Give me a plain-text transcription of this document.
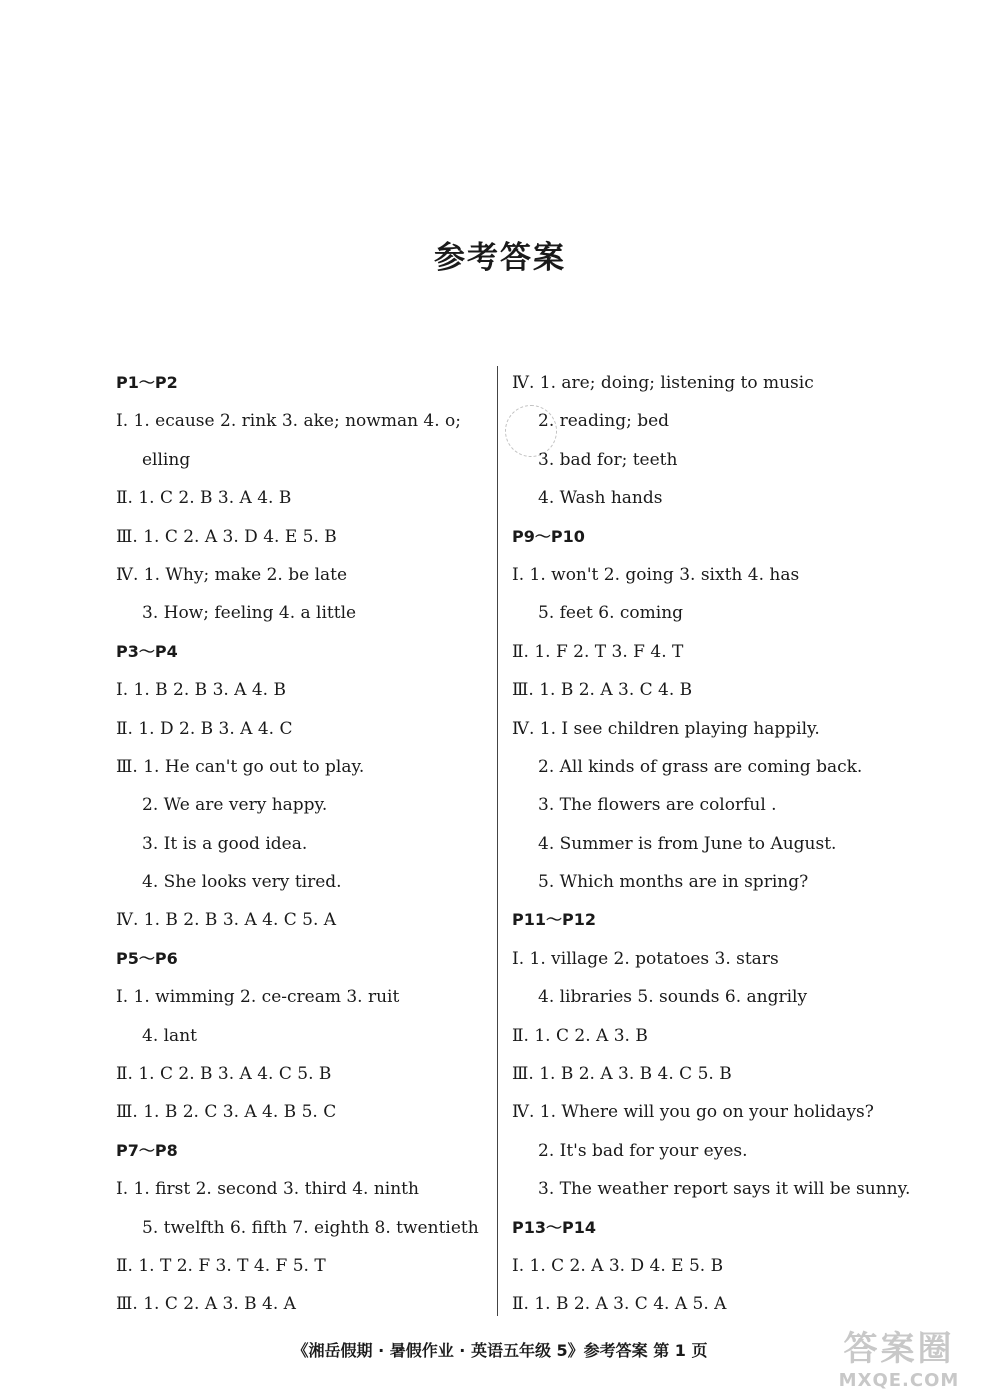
参考答案
P1～P2
Ⅰ. 1. ecause 2. rink 3. ake; nowman 4. o;
elling
Ⅱ. 1. C 2. B 3. A 4. B
Ⅲ. 1. C 2. A 3. D 4. E 5. B
Ⅳ. 1. Why; make 2. be late
3. How; feeling 4. a little
P3～P4
Ⅰ. 1. B 2. B 3. A 4. B
Ⅱ. 1. D 2. B 3. A 4. C
Ⅲ. 1. He can't go out to play.
2. We are very happy.
3. It is a good idea.
4. She looks very tired.
Ⅳ. 1. B 2. B 3. A 4. C 5. A
P5～P6
Ⅰ. 1. wimming 2. ce-cream 3. ruit
4. lant
Ⅱ. 1. C 2. B 3. A 4. C 5. B
Ⅲ. 1. B 2. C 3. A 4. B 5. C
P7～P8
Ⅰ. 1. first 2. second 3. third 4. ninth
5. twelfth 6. fifth 7. eighth 8. twentieth
Ⅱ. 1. T 2. F 3. T 4. F 5. T
Ⅲ. 1. C 2. A 3. B 4. A
Ⅳ. 1. are; doing; listening to music
2. reading; bed
3. bad for; teeth
4. Wash hands
P9～P10
Ⅰ. 1. won't 2. going 3. sixth 4. has
5. feet 6. coming
Ⅱ. 1. F 2. T 3. F 4. T
Ⅲ. 1. B 2. A 3. C 4. B
Ⅳ. 1. I see children playing happily.
2. All kinds of grass are coming back.
3. The flowers are colorful .
4. Summer is from June to August.
5. Which months are in spring?
P11～P12
Ⅰ. 1. village 2. potatoes 3. stars
4. libraries 5. sounds 6. angrily
Ⅱ. 1. C 2. A 3. B
Ⅲ. 1. B 2. A 3. B 4. C 5. B
Ⅳ. 1. Where will you go on your holidays?
2. It's bad for your eyes.
3. The weather report says it will be sunny.
P13～P14
Ⅰ. 1. C 2. A 3. D 4. E 5. B
Ⅱ. 1. B 2. A 3. C 4. A 5. A
《湘岳假期 · 暑假作业 · 英语五年级 5》参考答案 第 1 页	答案圈
MXQE.COM
